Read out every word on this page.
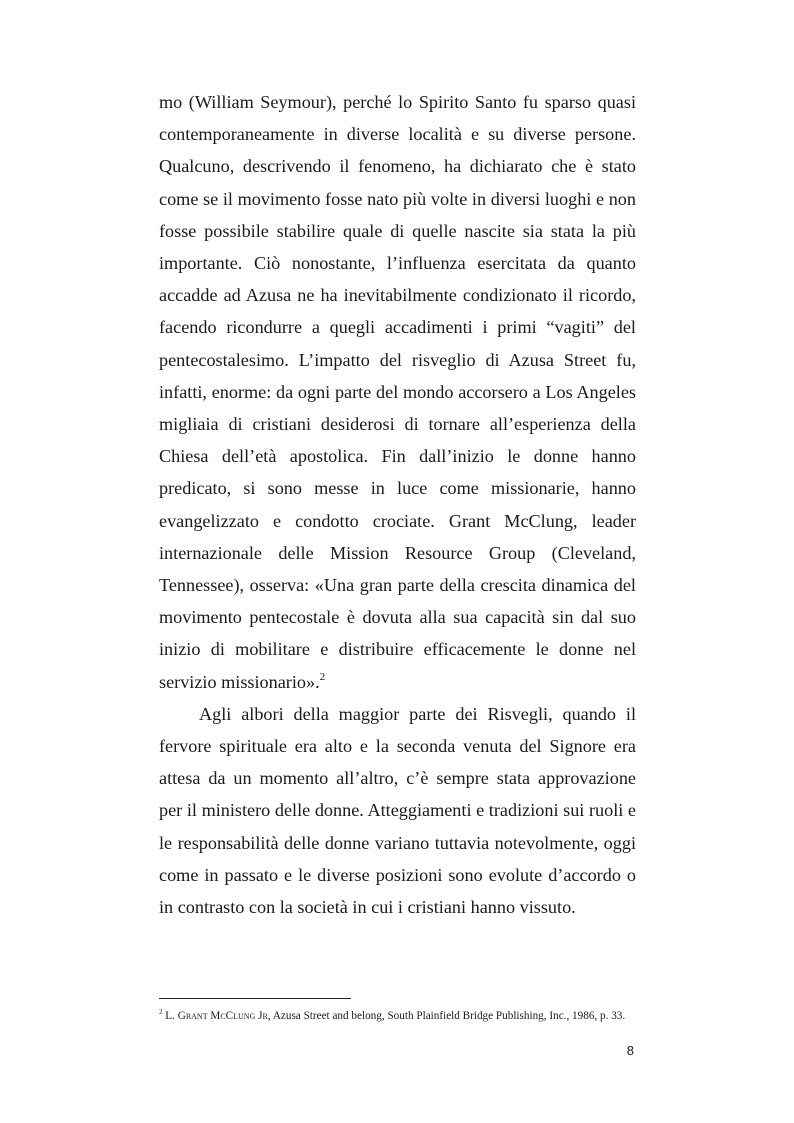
mo (William Seymour), perché lo Spirito Santo fu sparso quasi contemporaneamente in diverse località e su diverse persone. Qualcuno, descrivendo il fenomeno, ha dichiarato che è stato come se il movimento fosse nato più volte in diversi luoghi e non fosse possibile stabilire quale di quelle nascite sia stata la più importante. Ciò nonostante, l’influenza esercitata da quanto accadde ad Azusa ne ha inevitabilmente condizionato il ricordo, facendo ricondurre a quegli accadimenti i primi “vagiti” del pentecostalesimo. L’impatto del risveglio di Azusa Street fu, infatti, enorme: da ogni parte del mondo accorsero a Los Angeles migliaia di cristiani desiderosi di tornare all’esperienza della Chiesa dell’età apostolica. Fin dall’inizio le donne hanno predicato, si sono messe in luce come missionarie, hanno evangelizzato e condotto crociate. Grant McClung, leader internazionale delle Mission Resource Group (Cleveland, Tennessee), osserva: «Una gran parte della crescita dinamica del movimento pentecostale è dovuta alla sua capacità sin dal suo inizio di mobilitare e distribuire efficacemente le donne nel servizio missionario».$^2$

Agli albori della maggior parte dei Risvegli, quando il fervore spirituale era alto e la seconda venuta del Signore era attesa da un momento all’altro, c’è sempre stata approvazione per il ministero delle donne. Atteggiamenti e tradizioni sui ruoli e le responsabilità delle donne variano tuttavia notevolmente, oggi come in passato e le diverse posizioni sono evolute d’accordo o in contrasto con la società in cui i cristiani hanno vissuto.

$^2$ L. Grant McClung Jr, Azusa Street and belong, South Plainfield Bridge Publishing, Inc., 1986, p. 33.
8
